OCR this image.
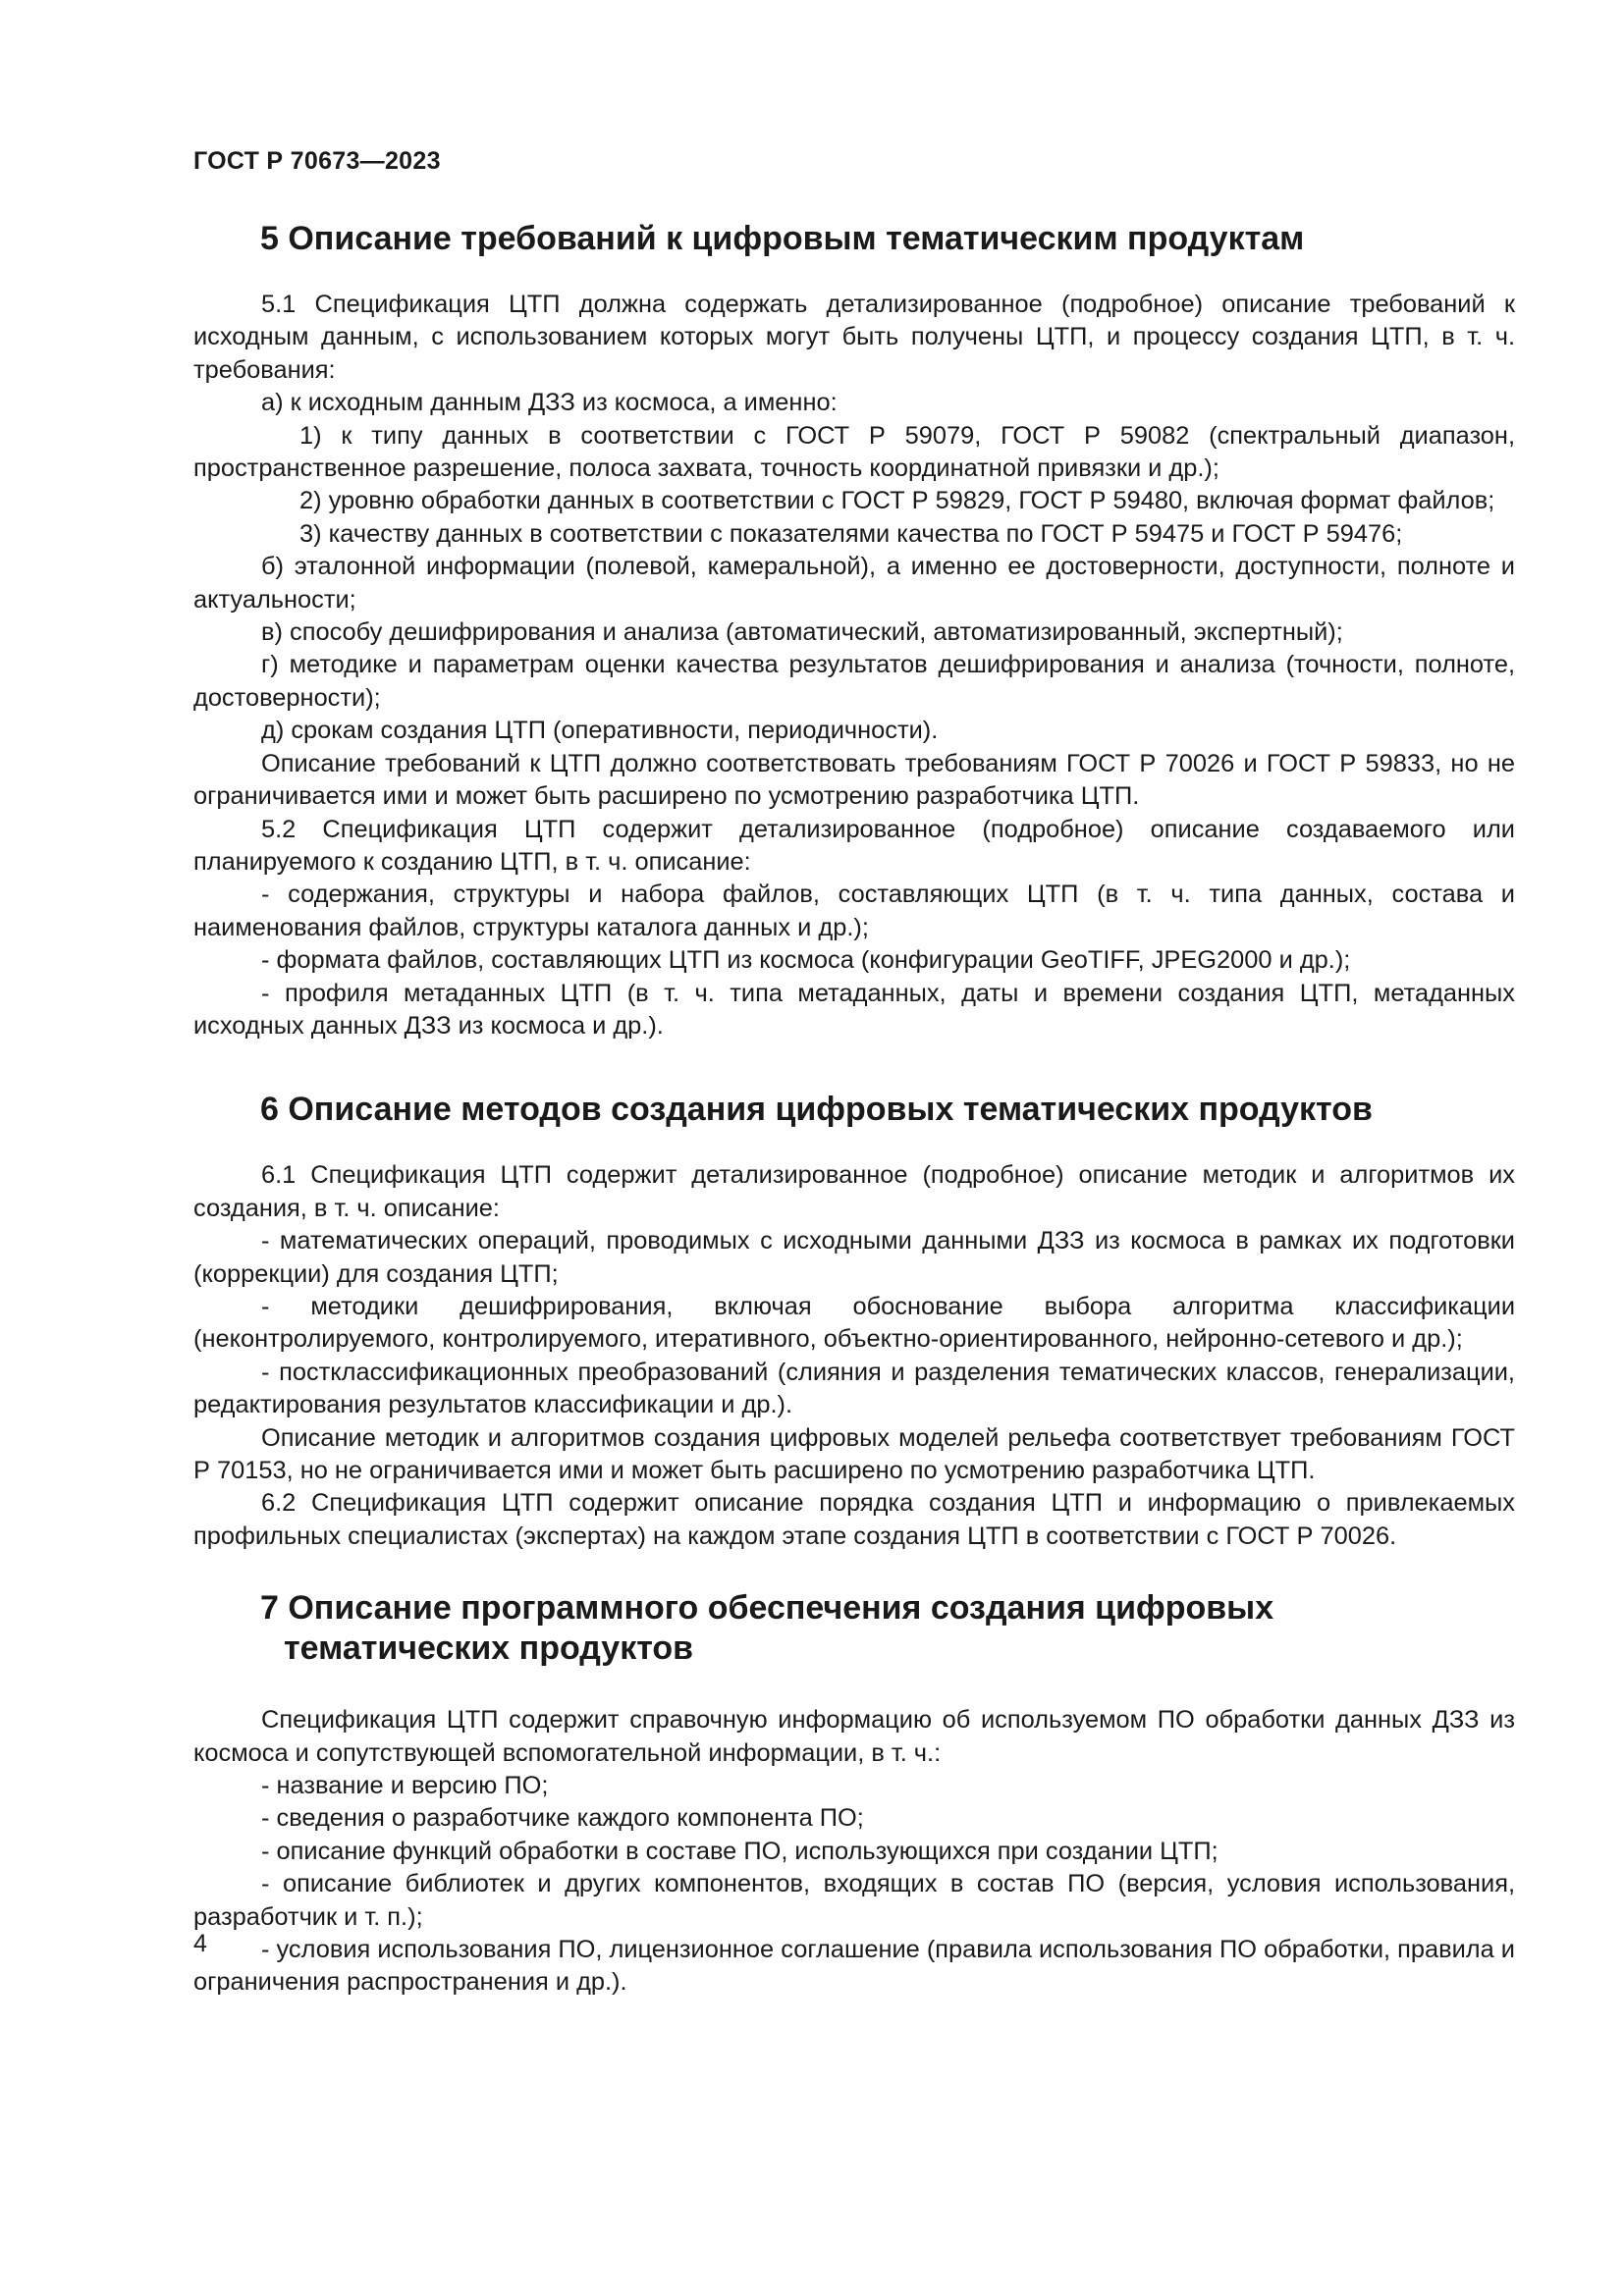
ГОСТ Р 70673—2023
5 Описание требований к цифровым тематическим продуктам

5.1 Спецификация ЦТП должна содержать детализированное (подробное) описание требований к исходным данным, с использованием которых могут быть получены ЦТП, и процессу создания ЦТП, в т. ч. требования:

а) к исходным данным ДЗЗ из космоса, а именно:

1) к типу данных в соответствии с ГОСТ Р 59079, ГОСТ Р 59082 (спектральный диапазон, пространственное разрешение, полоса захвата, точность координатной привязки и др.);

2) уровню обработки данных в соответствии с ГОСТ Р 59829, ГОСТ Р 59480, включая формат файлов;

3) качеству данных в соответствии с показателями качества по ГОСТ Р 59475 и ГОСТ Р 59476;

б) эталонной информации (полевой, камеральной), а именно ее достоверности, доступности, полноте и актуальности;

в) способу дешифрирования и анализа (автоматический, автоматизированный, экспертный);

г) методике и параметрам оценки качества результатов дешифрирования и анализа (точности, полноте, достоверности);

д) срокам создания ЦТП (оперативности, периодичности).

Описание требований к ЦТП должно соответствовать требованиям ГОСТ Р 70026 и ГОСТ Р 59833, но не ограничивается ими и может быть расширено по усмотрению разработчика ЦТП.

5.2 Спецификация ЦТП содержит детализированное (подробное) описание создаваемого или планируемого к созданию ЦТП, в т. ч. описание:

- содержания, структуры и набора файлов, составляющих ЦТП (в т. ч. типа данных, состава и наименования файлов, структуры каталога данных и др.);

- формата файлов, составляющих ЦТП из космоса (конфигурации GeoTIFF, JPEG2000 и др.);

- профиля метаданных ЦТП (в т. ч. типа метаданных, даты и времени создания ЦТП, метаданных исходных данных ДЗЗ из космоса и др.).

6 Описание методов создания цифровых тематических продуктов

6.1 Спецификация ЦТП содержит детализированное (подробное) описание методик и алгоритмов их создания, в т. ч. описание:

- математических операций, проводимых с исходными данными ДЗЗ из космоса в рамках их подготовки (коррекции) для создания ЦТП;

- методики дешифрирования, включая обоснование выбора алгоритма классификации (неконтролируемого, контролируемого, итеративного, объектно-ориентированного, нейронно-сетевого и др.);

- постклассификационных преобразований (слияния и разделения тематических классов, генерализации, редактирования результатов классификации и др.).

Описание методик и алгоритмов создания цифровых моделей рельефа соответствует требованиям ГОСТ Р 70153, но не ограничивается ими и может быть расширено по усмотрению разработчика ЦТП.

6.2 Спецификация ЦТП содержит описание порядка создания ЦТП и информацию о привлекаемых профильных специалистах (экспертах) на каждом этапе создания ЦТП в соответствии с ГОСТ Р 70026.

7 Описание программного обеспечения создания цифровых
тематических продуктов

Спецификация ЦТП содержит справочную информацию об используемом ПО обработки данных ДЗЗ из космоса и сопутствующей вспомогательной информации, в т. ч.:

- название и версию ПО;

- сведения о разработчике каждого компонента ПО;

- описание функций обработки в составе ПО, использующихся при создании ЦТП;

- описание библиотек и других компонентов, входящих в состав ПО (версия, условия использования, разработчик и т. п.);

- условия использования ПО, лицензионное соглашение (правила использования ПО обработки, правила и ограничения распространения и др.).

4
